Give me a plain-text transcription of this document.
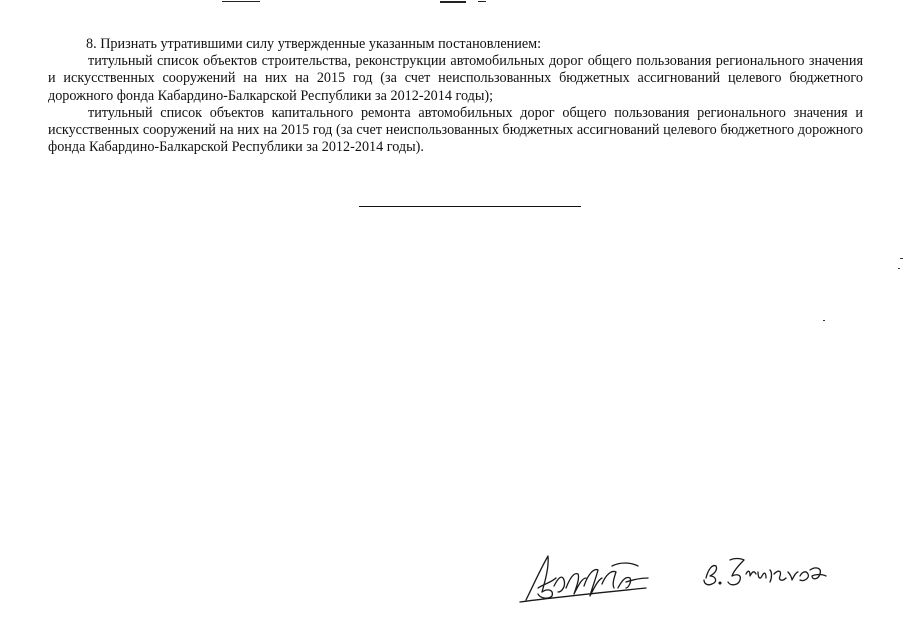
8. Признать утратившими силу утвержденные указанным постановлением:

титульный список объектов строительства, реконструкции автомобильных дорог общего пользования регионального значения и искусственных сооружений на них на 2015 год (за счет неиспользованных бюджетных ассигнований целевого бюджетного дорожного фонда Кабардино-Балкарской Республики за 2012-2014 годы);

титульный список объектов капитального ремонта автомобильных дорог общего пользования регионального значения и искусственных сооружений на них на 2015 год (за счет неиспользованных бюджетных ассигнований целевого бюджетного дорожного фонда Кабардино-Балкарской Республики за 2012-2014 годы).
